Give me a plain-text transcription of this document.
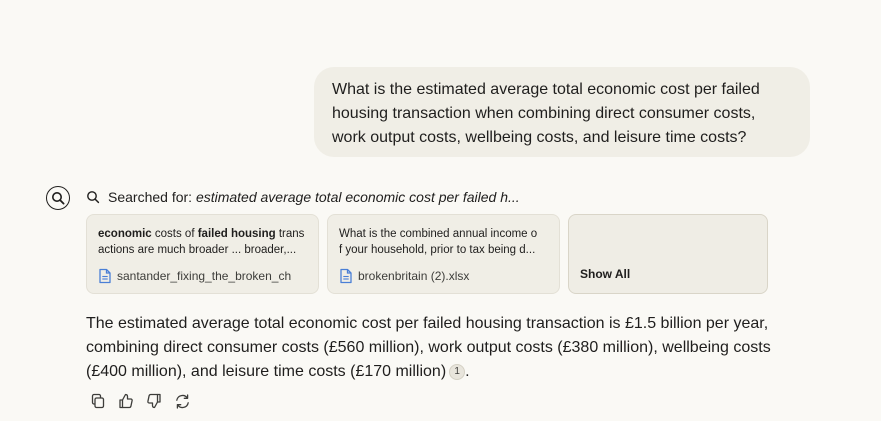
What is the estimated average total economic cost per failed
housing transaction when combining direct consumer costs,
work output costs, wellbeing costs, and leisure time costs?
Searched for: estimated average total economic cost per failed h...
economic costs of failed housing trans
actions are much broader ... broader,...
santander_fixing_the_broken_ch
What is the combined annual income o
f your household, prior to tax being d...
brokenbritain (2).xlsx	Show All
The estimated average total economic cost per failed housing transaction is £1.5 billion per year,
combining direct consumer costs (£560 million), work output costs (£380 million), wellbeing costs
(£400 million), and leisure time costs (£170 million) 1 .
